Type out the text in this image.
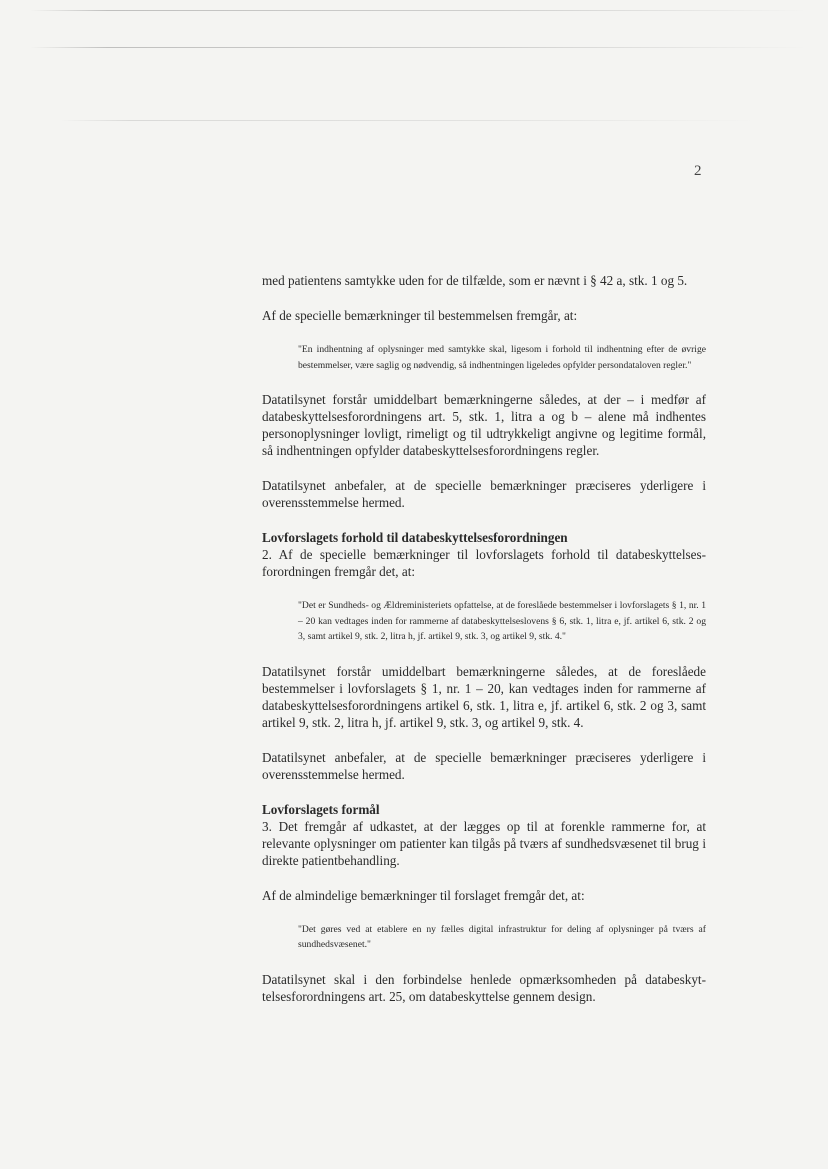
2

med patientens samtykke uden for de tilfælde, som er nævnt i § 42 a, stk. 1 og 5.

Af de specielle bemærkninger til bestemmelsen fremgår, at:

"En indhentning af oplysninger med samtykke skal, ligesom i forhold til indhentning efter de øvrige bestemmelser, være saglig og nødvendig, så indhentningen ligeledes opfylder persondataloven regler."

Datatilsynet forstår umiddelbart bemærkningerne således, at der – i medfør af databeskyttelsesforordningens art. 5, stk. 1, litra a og b – alene må indhentes personoplysninger lovligt, rimeligt og til udtrykkeligt angivne og legitime formål, så indhentningen opfylder databeskyttelsesforordningens regler.

Datatilsynet anbefaler, at de specielle bemærkninger præciseres yderligere i overensstemmelse hermed.

Lovforslagets forhold til databeskyttelsesforordningen

2. Af de specielle bemærkninger til lovforslagets forhold til databeskyttelses-forordningen fremgår det, at:

"Det er Sundheds- og Ældreministeriets opfattelse, at de foreslåede bestemmelser i lovforslagets § 1, nr. 1 – 20 kan vedtages inden for rammerne af databeskyttelseslovens § 6, stk. 1, litra e, jf. artikel 6, stk. 2 og 3, samt artikel 9, stk. 2, litra h, jf. artikel 9, stk. 3, og artikel 9, stk. 4."

Datatilsynet forstår umiddelbart bemærkningerne således, at de foreslåede bestemmelser i lovforslagets § 1, nr. 1 – 20, kan vedtages inden for rammerne af databeskyttelsesforordningens artikel 6, stk. 1, litra e, jf. artikel 6, stk. 2 og 3, samt artikel 9, stk. 2, litra h, jf. artikel 9, stk. 3, og artikel 9, stk. 4.

Datatilsynet anbefaler, at de specielle bemærkninger præciseres yderligere i overensstemmelse hermed.

Lovforslagets formål

3. Det fremgår af udkastet, at der lægges op til at forenkle rammerne for, at relevante oplysninger om patienter kan tilgås på tværs af sundhedsvæsenet til brug i direkte patientbehandling.

Af de almindelige bemærkninger til forslaget fremgår det, at:

"Det gøres ved at etablere en ny fælles digital infrastruktur for deling af oplysninger på tværs af sundhedsvæsenet."

Datatilsynet skal i den forbindelse henlede opmærksomheden på databeskyt-telsesforordningens art. 25, om databeskyttelse gennem design.
